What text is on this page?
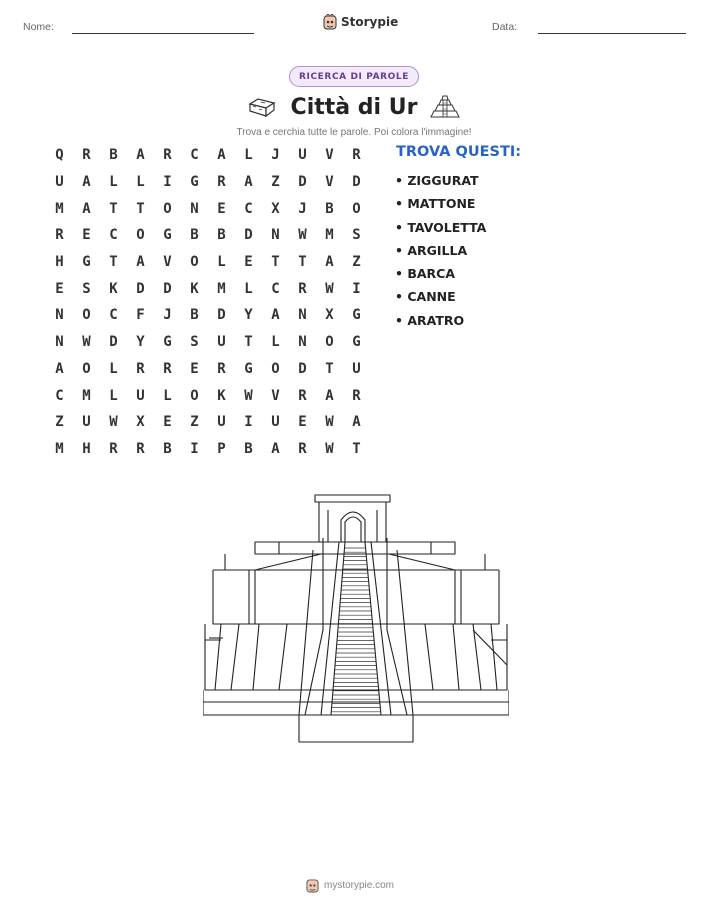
Nome:	Storypie	Data:
RICERCA DI PAROLE
Città di Ur
Trova e cerchia tutte le parole. Poi colora l'immagine!
Q	R	B	A	R	C	A	L	J	U	V	R
U	A	L	L	I	G	R	A	Z	D	V	D
M	A	T	T	O	N	E	C	X	J	B	O
R	E	C	O	G	B	B	D	N	W	M	S
H	G	T	A	V	O	L	E	T	T	A	Z
E	S	K	D	D	K	M	L	C	R	W	I
N	O	C	F	J	B	D	Y	A	N	X	G
N	W	D	Y	G	S	U	T	L	N	O	G
A	O	L	R	R	E	R	G	O	D	T	U
C	M	L	U	L	O	K	W	V	R	A	R
Z	U	W	X	E	Z	U	I	U	E	W	A
M	H	R	R	B	I	P	B	A	R	W	T
TROVA QUESTI:
• ZIGGURAT
• MATTONE
• TAVOLETTA
• ARGILLA
• BARCA
• CANNE
• ARATRO
mystorypie.com
